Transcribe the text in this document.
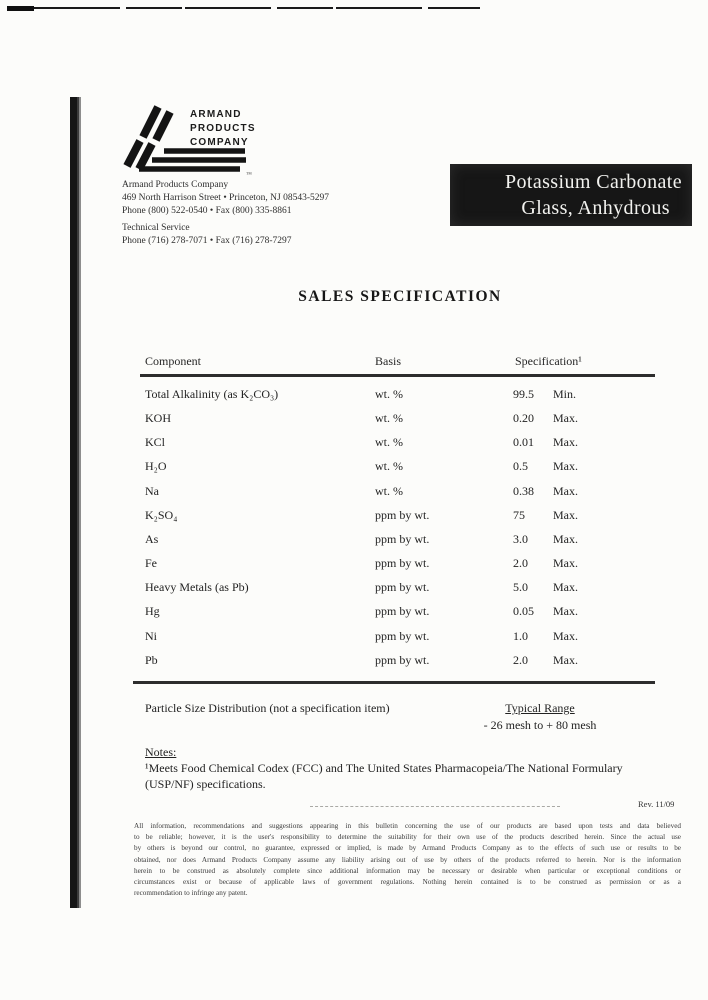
™
ARMAND
PRODUCTS
COMPANY
Armand Products Company
469 North Harrison Street • Princeton, NJ 08543-5297
Phone (800) 522-0540 • Fax (800) 335-8861
Technical Service
Phone (716) 278-7071 • Fax (716) 278-7297
Potassium Carbonate
Glass, Anhydrous
SALES SPECIFICATION
Component	Basis	Specification¹
Total Alkalinity (as K₂CO₃)	wt. %	99.5	Min.
KOH	wt. %	0.20	Max.
KCl	wt. %	0.01	Max.
H₂O	wt. %	0.5	Max.
Na	wt. %	0.38	Max.
K₂SO₄	ppm by wt.	75	Max.
As	ppm by wt.	3.0	Max.
Fe	ppm by wt.	2.0	Max.
Heavy Metals (as Pb)	ppm by wt.	5.0	Max.
Hg	ppm by wt.	0.05	Max.
Ni	ppm by wt.	1.0	Max.
Pb	ppm by wt.	2.0	Max.
Particle Size Distribution (not a specification item)	Typical Range
- 26 mesh to + 80 mesh
Notes:
¹Meets Food Chemical Codex (FCC) and The United States Pharmacopeia/The National Formulary (USP/NF) specifications.
Rev. 11/09
All information, recommendations and suggestions appearing in this bulletin concerning the use of our products are based upon tests and data believed
to be reliable; however, it is the user's responsibility to determine the suitability for their own use of the products described herein. Since the actual use
by others is beyond our control, no guarantee, expressed or implied, is made by Armand Products Company as to the effects of such use or results to be
obtained, nor does Armand Products Company assume any liability arising out of use by others of the products referred to herein. Nor is the information
herein to be construed as absolutely complete since additional information may be necessary or desirable when particular or exceptional conditions or
circumstances exist or because of applicable laws of government regulations. Nothing herein contained is to be construed as permission or as a
recommendation to infringe any patent.
